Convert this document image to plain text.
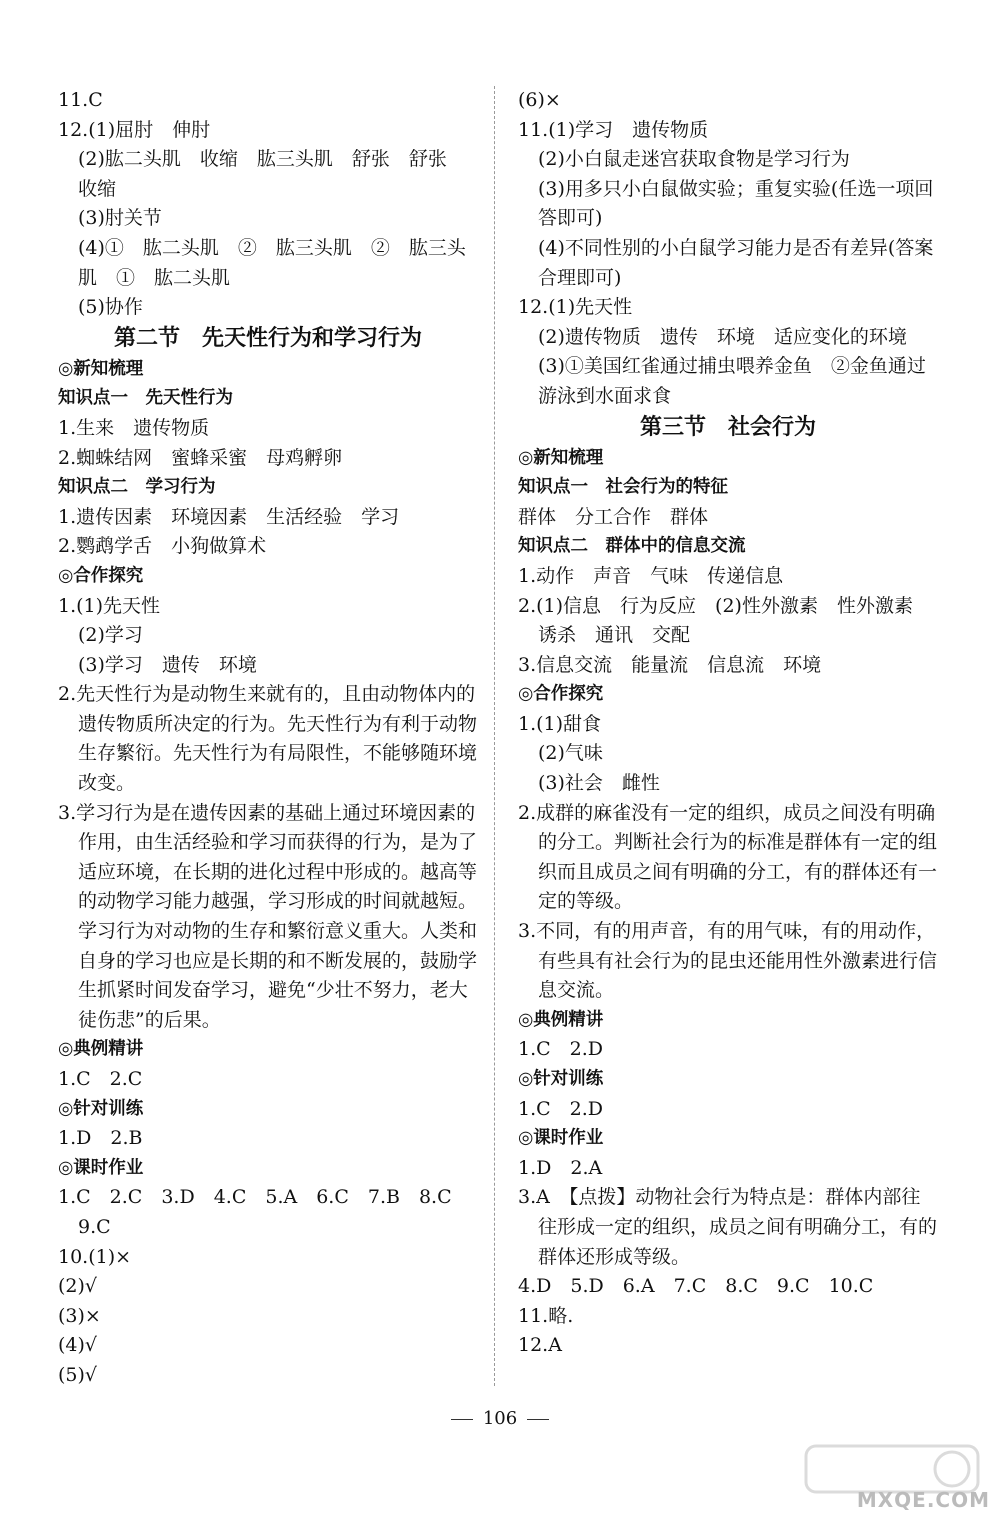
11.C
12.(1)屈肘　伸肘
(2)肱二头肌　收缩　肱三头肌　舒张　舒张　收缩
(3)肘关节
(4)①　肱二头肌　②　肱三头肌　②　肱三头肌　①　肱二头肌
(5)协作
第二节　先天性行为和学习行为
◎新知梳理
知识点一　先天性行为
1.生来　遗传物质
2.蜘蛛结网　蜜蜂采蜜　母鸡孵卵
知识点二　学习行为
1.遗传因素　环境因素　生活经验　学习
2.鹦鹉学舌　小狗做算术
◎合作探究
1.(1)先天性
(2)学习
(3)学习　遗传　环境
2.先天性行为是动物生来就有的，且由动物体内的遗传物质所决定的行为。先天性行为有利于动物生存繁衍。先天性行为有局限性，不能够随环境改变。
3.学习行为是在遗传因素的基础上通过环境因素的作用，由生活经验和学习而获得的行为，是为了适应环境，在长期的进化过程中形成的。越高等的动物学习能力越强，学习形成的时间就越短。学习行为对动物的生存和繁衍意义重大。人类和自身的学习也应是长期的和不断发展的，鼓励学生抓紧时间发奋学习，避免“少壮不努力，老大徒伤悲”的后果。
◎典例精讲
1.C　2.C
◎针对训练
1.D　2.B
◎课时作业
1.C　2.C　3.D　4.C　5.A　6.C　7.B　8.C　9.C
10.(1)×
(2)√
(3)×
(4)√
(5)√
(6)×
11.(1)学习　遗传物质
(2)小白鼠走迷宫获取食物是学习行为
(3)用多只小白鼠做实验；重复实验(任选一项回答即可)
(4)不同性别的小白鼠学习能力是否有差异(答案合理即可)
12.(1)先天性
(2)遗传物质　遗传　环境　适应变化的环境
(3)①美国红雀通过捕虫喂养金鱼　②金鱼通过游泳到水面求食
第三节　社会行为
◎新知梳理
知识点一　社会行为的特征
群体　分工合作　群体
知识点二　群体中的信息交流
1.动作　声音　气味　传递信息
2.(1)信息　行为反应　(2)性外激素　性外激素　诱杀　通讯　交配
3.信息交流　能量流　信息流　环境
◎合作探究
1.(1)甜食
(2)气味
(3)社会　雌性
2.成群的麻雀没有一定的组织，成员之间没有明确的分工。判断社会行为的标准是群体有一定的组织而且成员之间有明确的分工，有的群体还有一定的等级。
3.不同，有的用声音，有的用气味，有的用动作，有些具有社会行为的昆虫还能用性外激素进行信息交流。
◎典例精讲
1.C　2.D
◎针对训练
1.C　2.D
◎课时作业
1.D　2.A
3.A　【点拨】动物社会行为特点是：群体内部往往形成一定的组织，成员之间有明确分工，有的群体还形成等级。
4.D　5.D　6.A　7.C　8.C　9.C　10.C
11.略.
12.A
106
MXQE.COM
